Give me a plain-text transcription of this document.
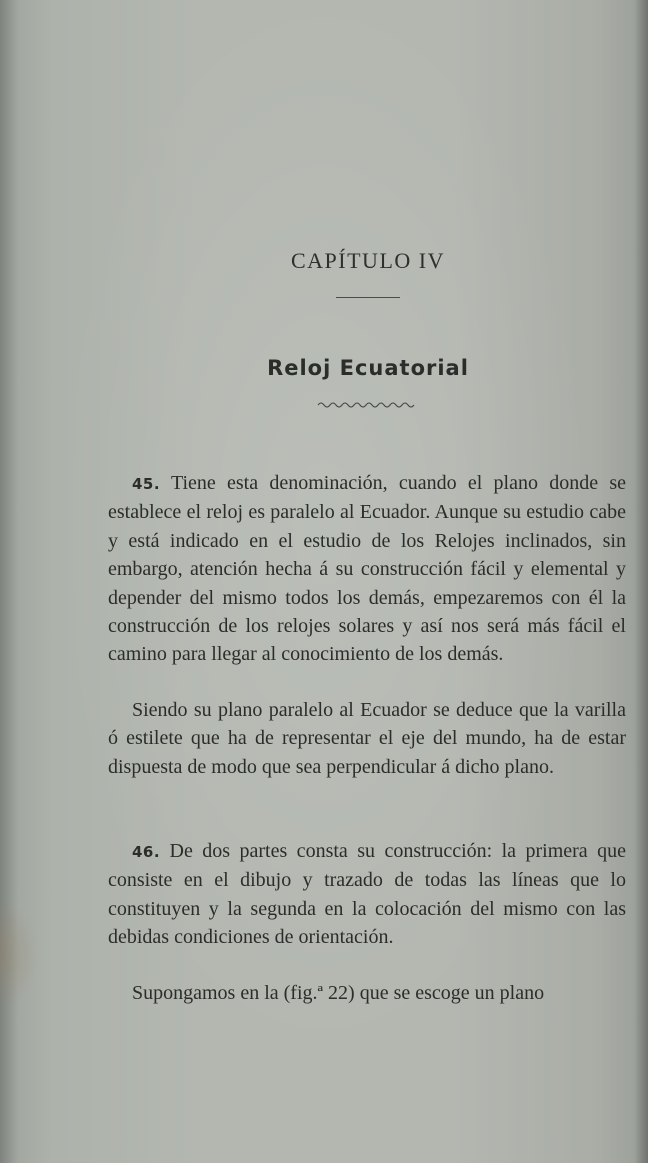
CAPÍTULO IV
Reloj Ecuatorial

45. Tiene esta denominación, cuando el plano donde se establece el reloj es paralelo al Ecuador. Aunque su estudio cabe y está indicado en el estudio de los Relojes inclinados, sin embargo, atención hecha á su construcción fácil y elemental y depender del mismo todos los demás, empezaremos con él la construcción de los relojes solares y así nos será más fácil el camino para llegar al conocimiento de los demás.

Siendo su plano paralelo al Ecuador se deduce que la varilla ó estilete que ha de representar el eje del mundo, ha de estar dispuesta de modo que sea perpendicular á dicho plano.

46. De dos partes consta su construcción: la primera que consiste en el dibujo y trazado de todas las líneas que lo constituyen y la segunda en la colocación del mismo con las debidas condiciones de orientación.

Supongamos en la (fig.ª 22) que se escoge un plano
